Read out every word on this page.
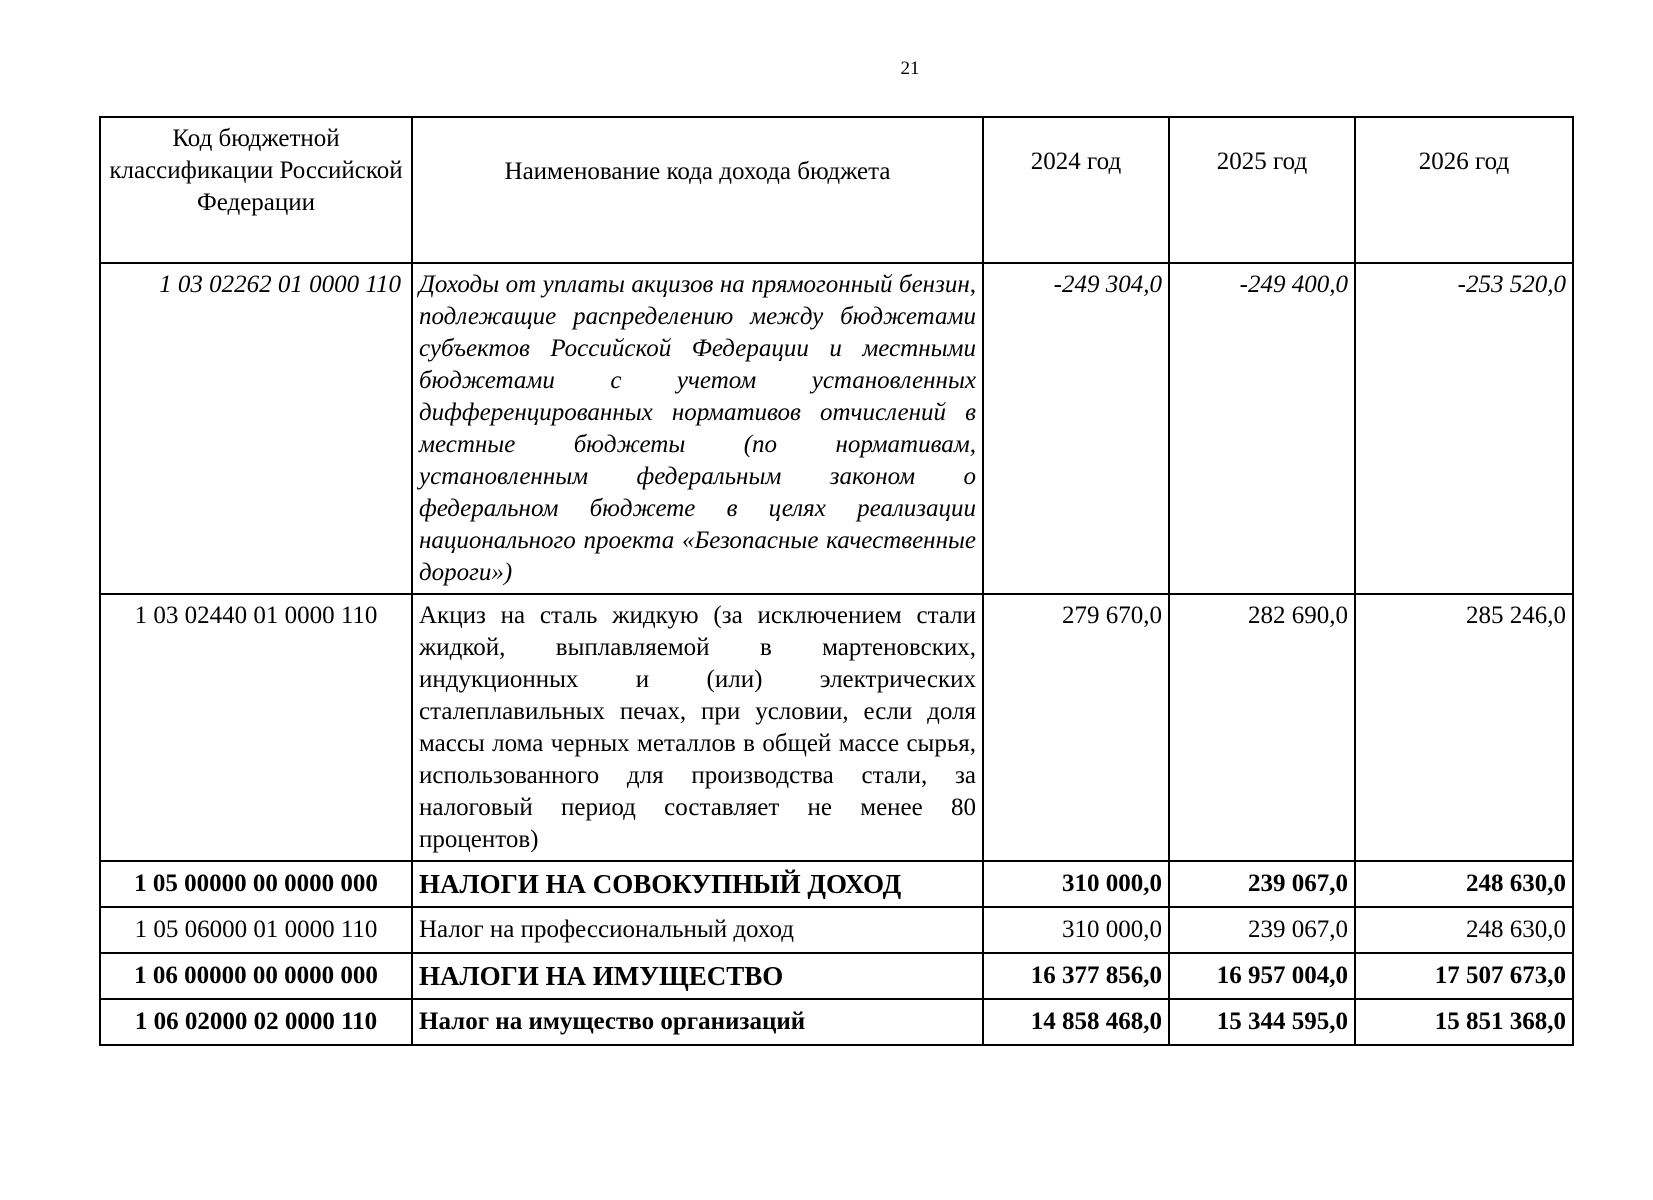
21
Код бюджетной классификации Российской Федерации	Наименование кода дохода бюджета	2024 год	2025 год	2026 год
1 03 02262 01 0000 110	Доходы от уплаты акцизов на прямогонный бензин, подлежащие распределению между бюджетами субъектов Российской Федерации и местными бюджетами с учетом установленных дифференцированных нормативов отчислений в местные бюджеты (по нормативам, установленным федеральным законом о федеральном бюджете в целях реализации национального проекта «Безопасные качественные дороги»)	-249 304,0	-249 400,0	-253 520,0
1 03 02440 01 0000 110	Акциз на сталь жидкую (за исключением стали жидкой, выплавляемой в мартеновских, индукционных и (или) электрических сталеплавильных печах, при условии, если доля массы лома черных металлов в общей массе сырья, использованного для производства стали, за налоговый период составляет не менее 80 процентов)	279 670,0	282 690,0	285 246,0
1 05 00000 00 0000 000	НАЛОГИ НА СОВОКУПНЫЙ ДОХОД	310 000,0	239 067,0	248 630,0
1 05 06000 01 0000 110	Налог на профессиональный доход	310 000,0	239 067,0	248 630,0
1 06 00000 00 0000 000	НАЛОГИ НА ИМУЩЕСТВО	16 377 856,0	16 957 004,0	17 507 673,0
1 06 02000 02 0000 110	Налог на имущество организаций	14 858 468,0	15 344 595,0	15 851 368,0
